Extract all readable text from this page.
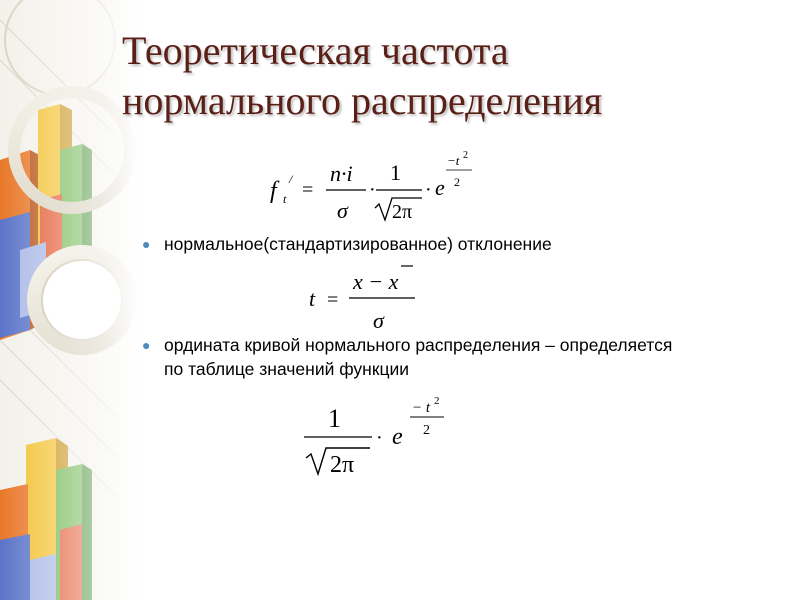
Теоретическая частота
нормального распределения
f t
/ =
n·i
σ
·
1
2π
· e
−t 2
2
● нормальное(стандартизированное) отклонение
t =
x − x
σ
● ордината кривой нормального распределения – определяется
по таблице значений функции
1
2π
· e
− t 2
2
